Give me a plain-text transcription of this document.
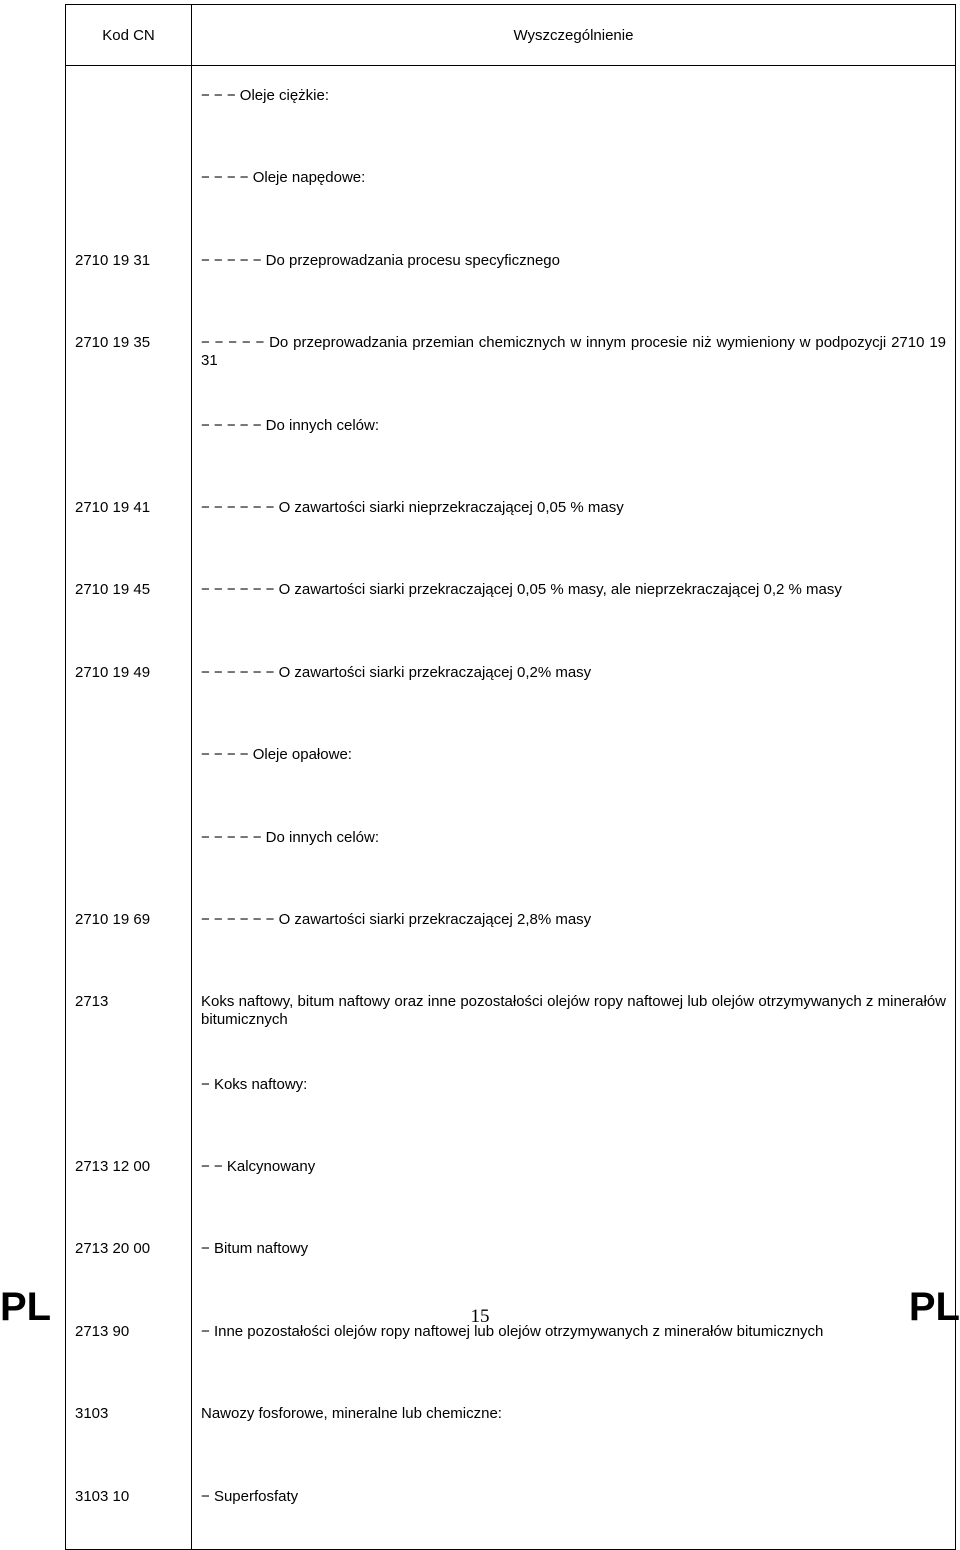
Kod CN	Wyszczególnienie
	− − − Oleje ciężkie:
	− − − − Oleje napędowe:
2710 19 31	− − − − − Do przeprowadzania procesu specyficznego
2710 19 35	− − − − − Do przeprowadzania przemian chemicznych w innym procesie niż wymieniony w podpozycji 2710 19 31
	− − − − − Do innych celów:
2710 19 41	− − − − − − O zawartości siarki nieprzekraczającej 0,05 % masy
2710 19 45	− − − − − − O zawartości siarki przekraczającej 0,05 % masy, ale nieprzekraczającej 0,2 % masy
2710 19 49	− − − − − − O zawartości siarki przekraczającej 0,2% masy
	− − − − Oleje opałowe:
	− − − − − Do innych celów:
2710 19 69	− − − − − − O zawartości siarki przekraczającej 2,8% masy
2713	Koks naftowy, bitum naftowy oraz inne pozostałości olejów ropy naftowej lub olejów otrzymywanych z minerałów bitumicznych
	− Koks naftowy:
2713 12 00	− − Kalcynowany
2713 20 00	− Bitum naftowy
2713 90	− Inne pozostałości olejów ropy naftowej lub olejów otrzymywanych z minerałów bitumicznych
3103	Nawozy fosforowe, mineralne lub chemiczne:
3103 10	− Superfosfaty
PL	15	PL
